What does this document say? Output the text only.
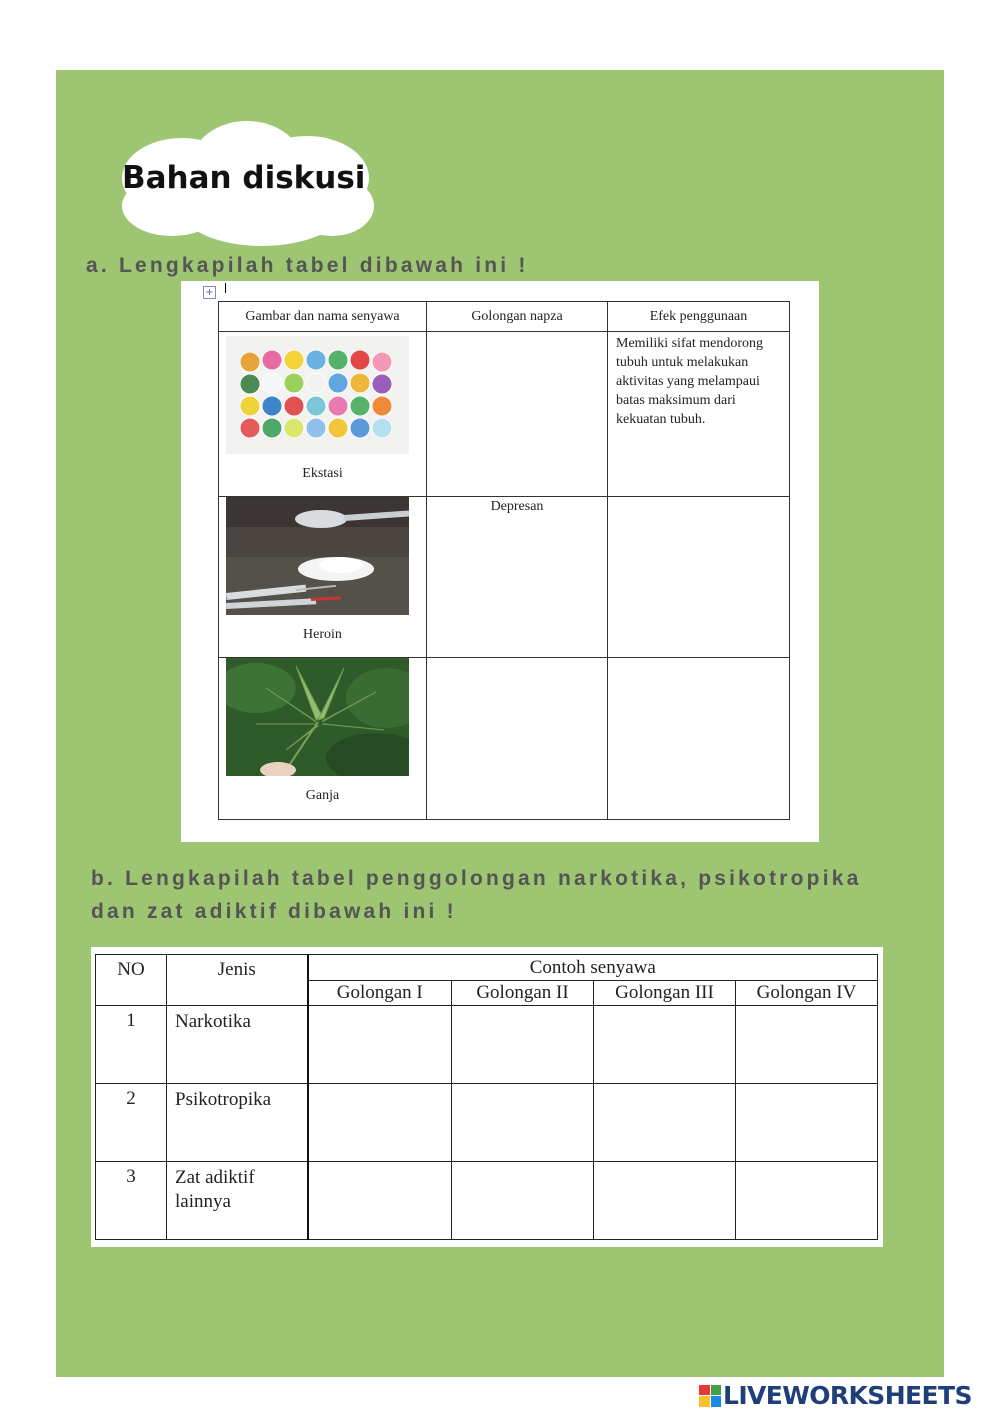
Bahan diskusi
a. Lengkapilah tabel dibawah ini !
+
Gambar dan nama senyawa	Golongan napza	Efek penggunaan

Ekstasi		Memiliki sifat mendorong tubuh untuk melakukan aktivitas yang melampaui batas maksimum dari kekuatan tubuh.

Heroin	Depresan	

Ganja		

b. Lengkapilah tabel penggolongan narkotika, psikotropika dan zat adiktif dibawah ini !
NO	Jenis	Contoh senyawa			
		Golongan I	Golongan II	Golongan III	Golongan IV
1	Narkotika				
2	Psikotropika				
3	Zat adiktif lainnya				
LIVEWORKSHEETS
